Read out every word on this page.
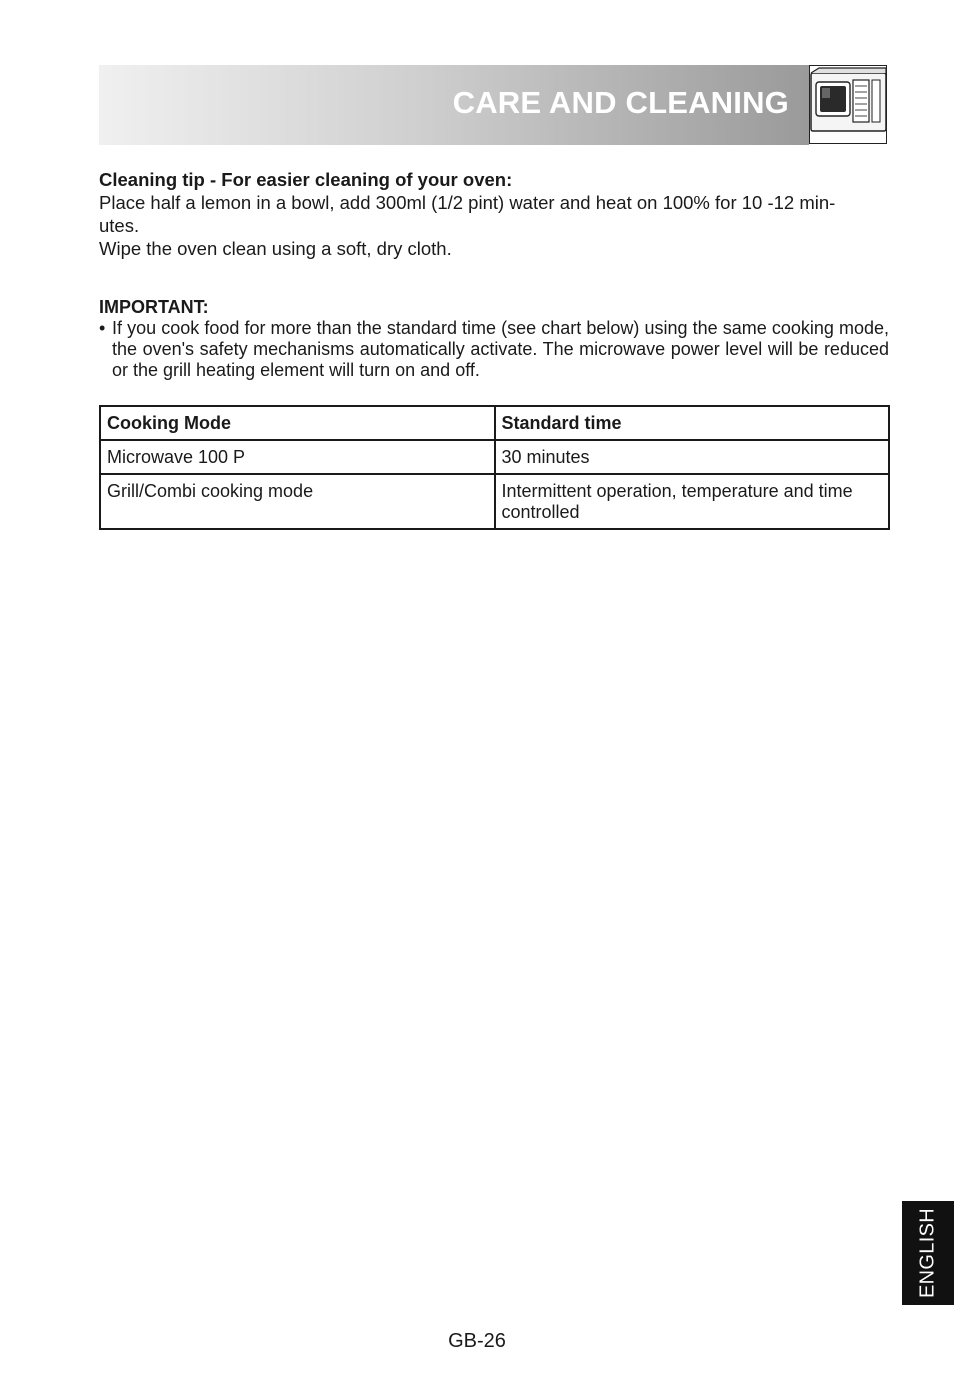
CARE AND CLEANING
Cleaning tip - For easier cleaning of your oven:
Place half a lemon in a bowl, add 300ml (1/2 pint) water and heat on 100% for 10 -12 min-
utes.
Wipe the oven clean using a soft, dry cloth.
IMPORTANT:
• If you cook food for more than the standard time (see chart below) using the same cooking mode, the oven's safety mechanisms automatically activate. The microwave power level will be reduced or the grill heating element will turn on and off.
Cooking Mode	Standard time
Microwave 100 P	30 minutes
Grill/Combi cooking mode	Intermittent operation, temperature and time controlled
ENGLISH
GB-26
